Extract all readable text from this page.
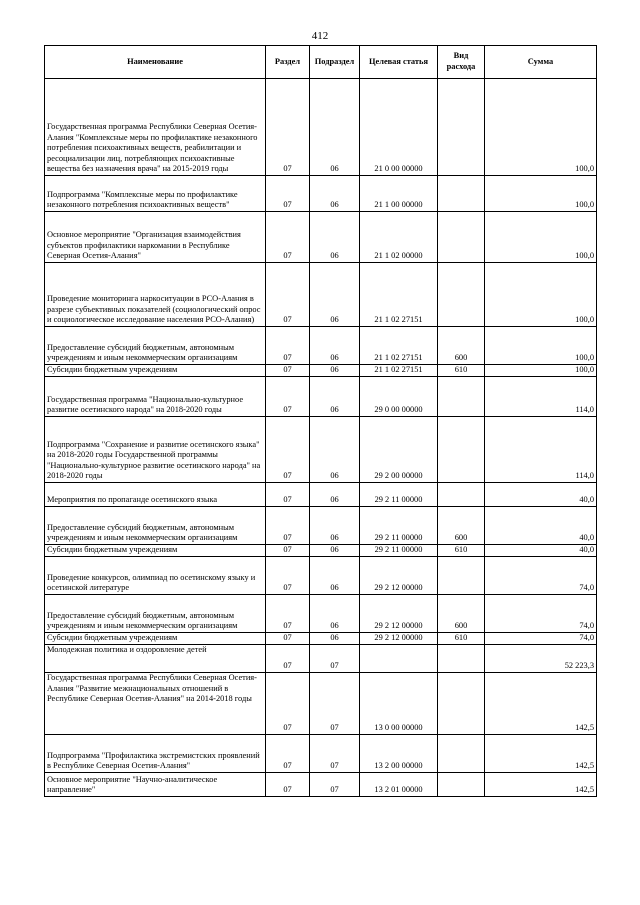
412
Наименование	Раздел	Подраздел	Целевая статья	Вид расхода	Сумма
Государственная программа Республики Северная Осетия-Алания "Комплексные меры по профилактике незаконного потребления психоактивных веществ, реабилитации и ресоциализации лиц, потребляющих психоактивные вещества без назначения врача" на 2015-2019 годы	07	06	21 0 00 00000		100,0
Подпрограмма "Комплексные меры по профилактике незаконного потребления психоактивных веществ"	07	06	21 1 00 00000		100,0
Основное мероприятие "Организация взаимодействия субъектов профилактики наркомании в Республике Северная Осетия-Алания"	07	06	21 1 02 00000		100,0
Проведение мониторинга наркоситуации в РСО-Алания в разрезе субъективных показателей (социологический опрос и социологическое исследование населения РСО-Алания)	07	06	21 1 02 27151		100,0
Предоставление субсидий бюджетным, автономным учреждениям и иным некоммерческим организациям	07	06	21 1 02 27151	600	100,0
Субсидии бюджетным учреждениям	07	06	21 1 02 27151	610	100,0
Государственная программа "Национально-культурное развитие осетинского народа" на 2018-2020 годы	07	06	29 0 00 00000		114,0
Подпрограмма "Сохранение и развитие осетинского языка" на 2018-2020 годы Государственной программы "Национально-культурное развитие осетинского народа" на 2018-2020 годы	07	06	29 2 00 00000		114,0
Мероприятия по пропаганде осетинского языка	07	06	29 2 11 00000		40,0
Предоставление субсидий бюджетным, автономным учреждениям и иным некоммерческим организациям	07	06	29 2 11 00000	600	40,0
Субсидии бюджетным учреждениям	07	06	29 2 11 00000	610	40,0
Проведение конкурсов, олимпиад по осетинскому языку и осетинской литературе	07	06	29 2 12 00000		74,0
Предоставление субсидий бюджетным, автономным учреждениям и иным некоммерческим организациям	07	06	29 2 12 00000	600	74,0
Субсидии бюджетным учреждениям	07	06	29 2 12 00000	610	74,0
Молодежная политика и оздоровление детей	07	07			52 223,3
Государственная программа Республики Северная Осетия-Алания "Развитие межнациональных отношений в Республике Северная Осетия-Алания" на 2014-2018 годы	07	07	13 0 00 00000		142,5
Подпрограмма "Профилактика экстремистских проявлений в Республике Северная Осетия-Алания"	07	07	13 2 00 00000		142,5
Основное мероприятие "Научно-аналитическое направление"	07	07	13 2 01 00000		142,5
